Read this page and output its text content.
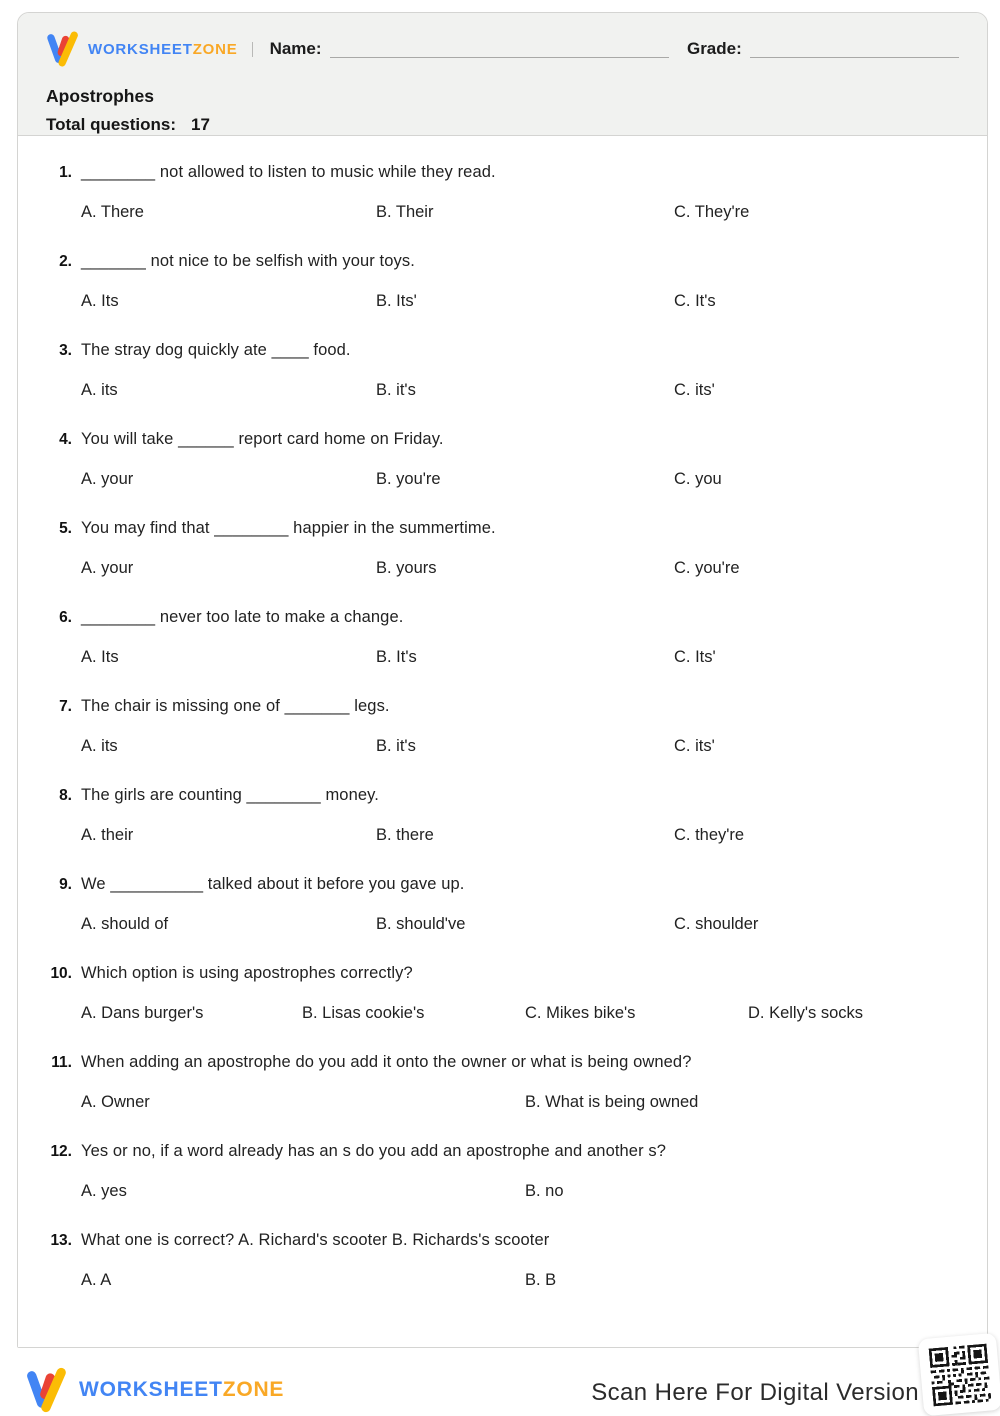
WORKSHEETZONE Name:	Grade:
Apostrophes
Total questions: 17
1. ________ not allowed to listen to music while they read.
A. There	B. Their	C. They're
2. _______ not nice to be selfish with your toys.
A. Its	B. Its'	C. It's
3. The stray dog quickly ate ____ food.
A. its	B. it's	C. its'
4. You will take ______ report card home on Friday.
A. your	B. you're	C. you
5. You may find that ________ happier in the summertime.
A. your	B. yours	C. you're
6. ________ never too late to make a change.
A. Its	B. It's	C. Its'
7. The chair is missing one of _______ legs.
A. its	B. it's	C. its'
8. The girls are counting ________ money.
A. their	B. there	C. they're
9. We __________ talked about it before you gave up.
A. should of	B. should've	C. shoulder
10. Which option is using apostrophes correctly?
A. Dans burger's	B. Lisas cookie's	C. Mikes bike's	D. Kelly's socks
11. When adding an apostrophe do you add it onto the owner or what is being owned?
A. Owner	B. What is being owned
12. Yes or no, if a word already has an s do you add an apostrophe and another s?
A. yes	B. no
13. What one is correct? A. Richard's scooter B. Richards's scooter
A. A	B. B
WORKSHEETZONE	Scan Here For Digital Version
